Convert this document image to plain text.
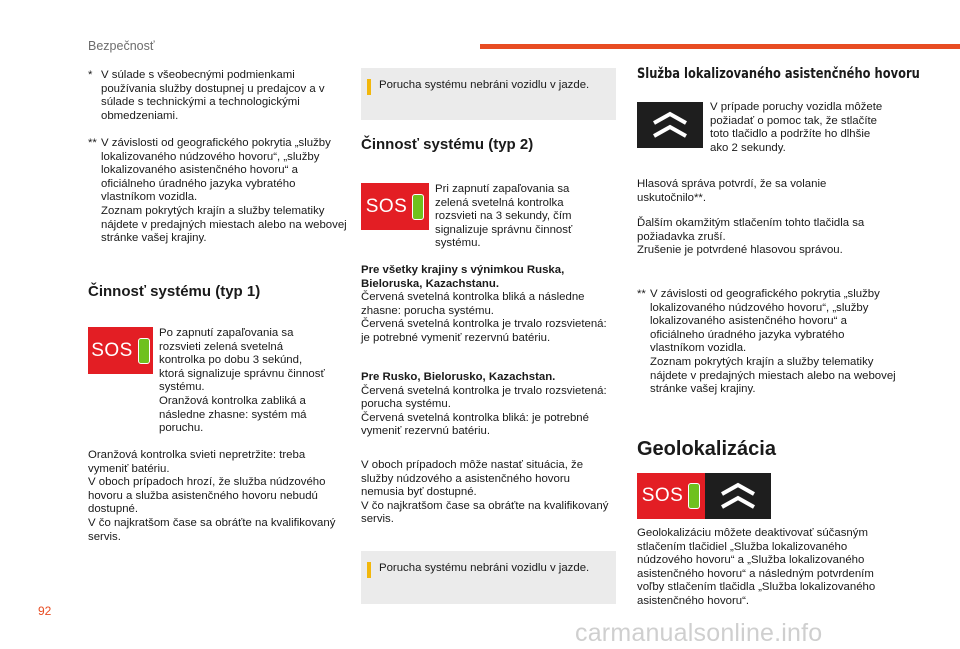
Bezpečnosť
* V súlade s všeobecnými podmienkami používania služby dostupnej u predajcov a v súlade s technickými a technologickými obmedzeniami.
** V závislosti od geografického pokrytia „služby lokalizovaného núdzového hovoru“, „služby lokalizovaného asistenčného hovoru“ a oficiálneho úradného jazyka vybratého vlastníkom vozidla.

Zoznam pokrytých krajín a služby telematiky nájdete v predajných miestach alebo na webovej stránke vašej krajiny.

Činnosť systému (typ 1)
SOS

Po zapnutí zapaľovania sa rozsvieti zelená svetelná kontrolka po dobu 3 sekúnd, ktorá signalizuje správnu činnosť systému.

Oranžová kontrolka zabliká a následne zhasne: systém má poruchu.

Oranžová kontrolka svieti nepretržite: treba vymeniť batériu.

V oboch prípadoch hrozí, že služba núdzového hovoru a služba asistenčného hovoru nebudú dostupné.

V čo najkratšom čase sa obráťte na kvalifikovaný servis.

Porucha systému nebráni vozidlu v jazde.
Činnosť systému (typ 2)
SOS
Pri zapnutí zapaľovania sa zelená svetelná kontrolka rozsvieti na 3 sekundy, čím signalizuje správnu činnosť systému.

Pre všetky krajiny s výnimkou Ruska, Bieloruska, Kazachstanu.

Červená svetelná kontrolka bliká a následne zhasne: porucha systému.

Červená svetelná kontrolka je trvalo rozsvietená: je potrebné vymeniť rezervnú batériu.

Pre Rusko, Bielorusko, Kazachstan.

Červená svetelná kontrolka je trvalo rozsvietená: porucha systému.

Červená svetelná kontrolka bliká: je potrebné vymeniť rezervnú batériu.

V oboch prípadoch môže nastať situácia, že služby núdzového a asistenčného hovoru nemusia byť dostupné.

V čo najkratšom čase sa obráťte na kvalifikovaný servis.

Porucha systému nebráni vozidlu v jazde.
Služba lokalizovaného asistenčného hovoru
V prípade poruchy vozidla môžete požiadať o pomoc tak, že stlačíte toto tlačidlo a podržíte ho dlhšie ako 2 sekundy.
Hlasová správa potvrdí, že sa volanie uskutočnilo**.

Ďalším okamžitým stlačením tohto tlačidla sa požiadavka zruší.

Zrušenie je potvrdené hlasovou správou.

** V závislosti od geografického pokrytia „služby lokalizovaného núdzového hovoru“, „služby lokalizovaného asistenčného hovoru“ a oficiálneho úradného jazyka vybratého vlastníkom vozidla.

Zoznam pokrytých krajín a služby telematiky nájdete v predajných miestach alebo na webovej stránke vašej krajiny.

Geolokalizácia
SOS
Geolokalizáciu môžete deaktivovať súčasným stlačením tlačidiel „Služba lokalizovaného núdzového hovoru“ a „Služba lokalizovaného asistenčného hovoru“ a následným potvrdením voľby stlačením tlačidla „Služba lokalizovaného asistenčného hovoru“.
92
carmanualsonline.info
